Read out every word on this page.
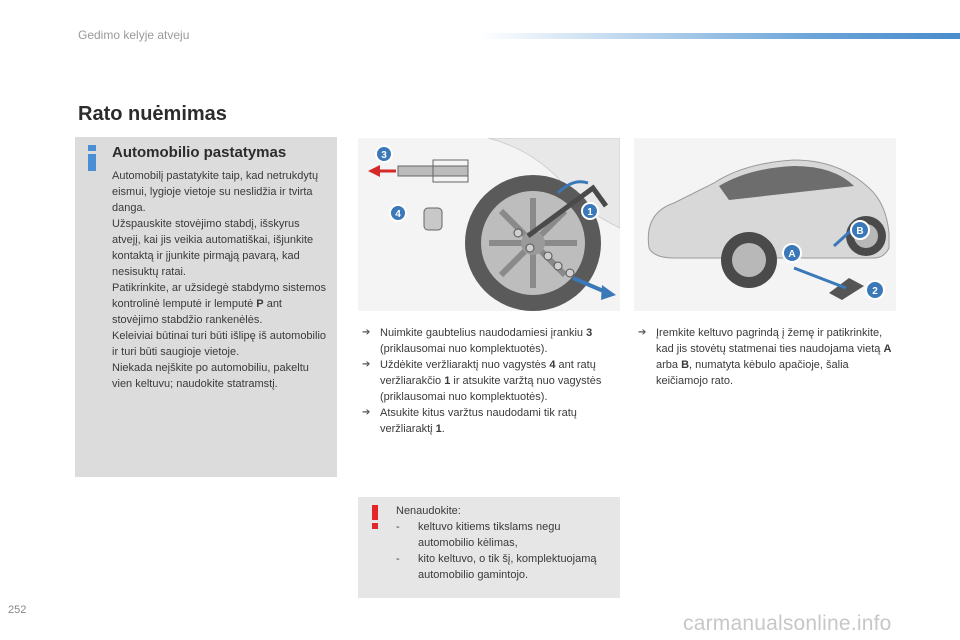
Gedimo kelyje atveju
Rato nuėmimas
Automobilio pastatymas

Automobilį pastatykite taip, kad netrukdytų eismui, lygioje vietoje su neslidžia ir tvirta danga.

Užspauskite stovėjimo stabdį, išskyrus atvejį, kai jis veikia automatiškai, išjunkite kontaktą ir įjunkite pirmąją pavarą, kad nesisuktų ratai.

Patikrinkite, ar užsidegė stabdymo sistemos kontrolinė lemputė ir lemputė P ant stovėjimo stabdžio rankenėlės.

Keleiviai būtinai turi būti išlipę iš automobilio ir turi būti saugioje vietoje.

Niekada neįškite po automobiliu, pakeltu vien keltuvu; naudokite statramstį.

3
4	1
B
A
2
➔ Nuimkite gaubtelius naudodamiesi įrankiu 3 (priklausomai nuo komplektuotės).
➔ Uždėkite veržliaraktį nuo vagystės 4 ant ratų veržliarakčio 1 ir atsukite varžtą nuo vagystės (priklausomai nuo komplektuotės).
➔ Atsukite kitus varžtus naudodami tik ratų veržliaraktį 1.
➔ Įremkite keltuvo pagrindą į žemę ir patikrinkite, kad jis stovėtų statmenai ties naudojama vietą A arba B, numatyta kėbulo apačioje, šalia keičiamojo rato.
Nenaudokite:
-	keltuvo kitiems tikslams negu automobilio kėlimas,
-	kito keltuvo, o tik šį, komplektuojamą automobilio gamintojo.
252
carmanualsonline.info
